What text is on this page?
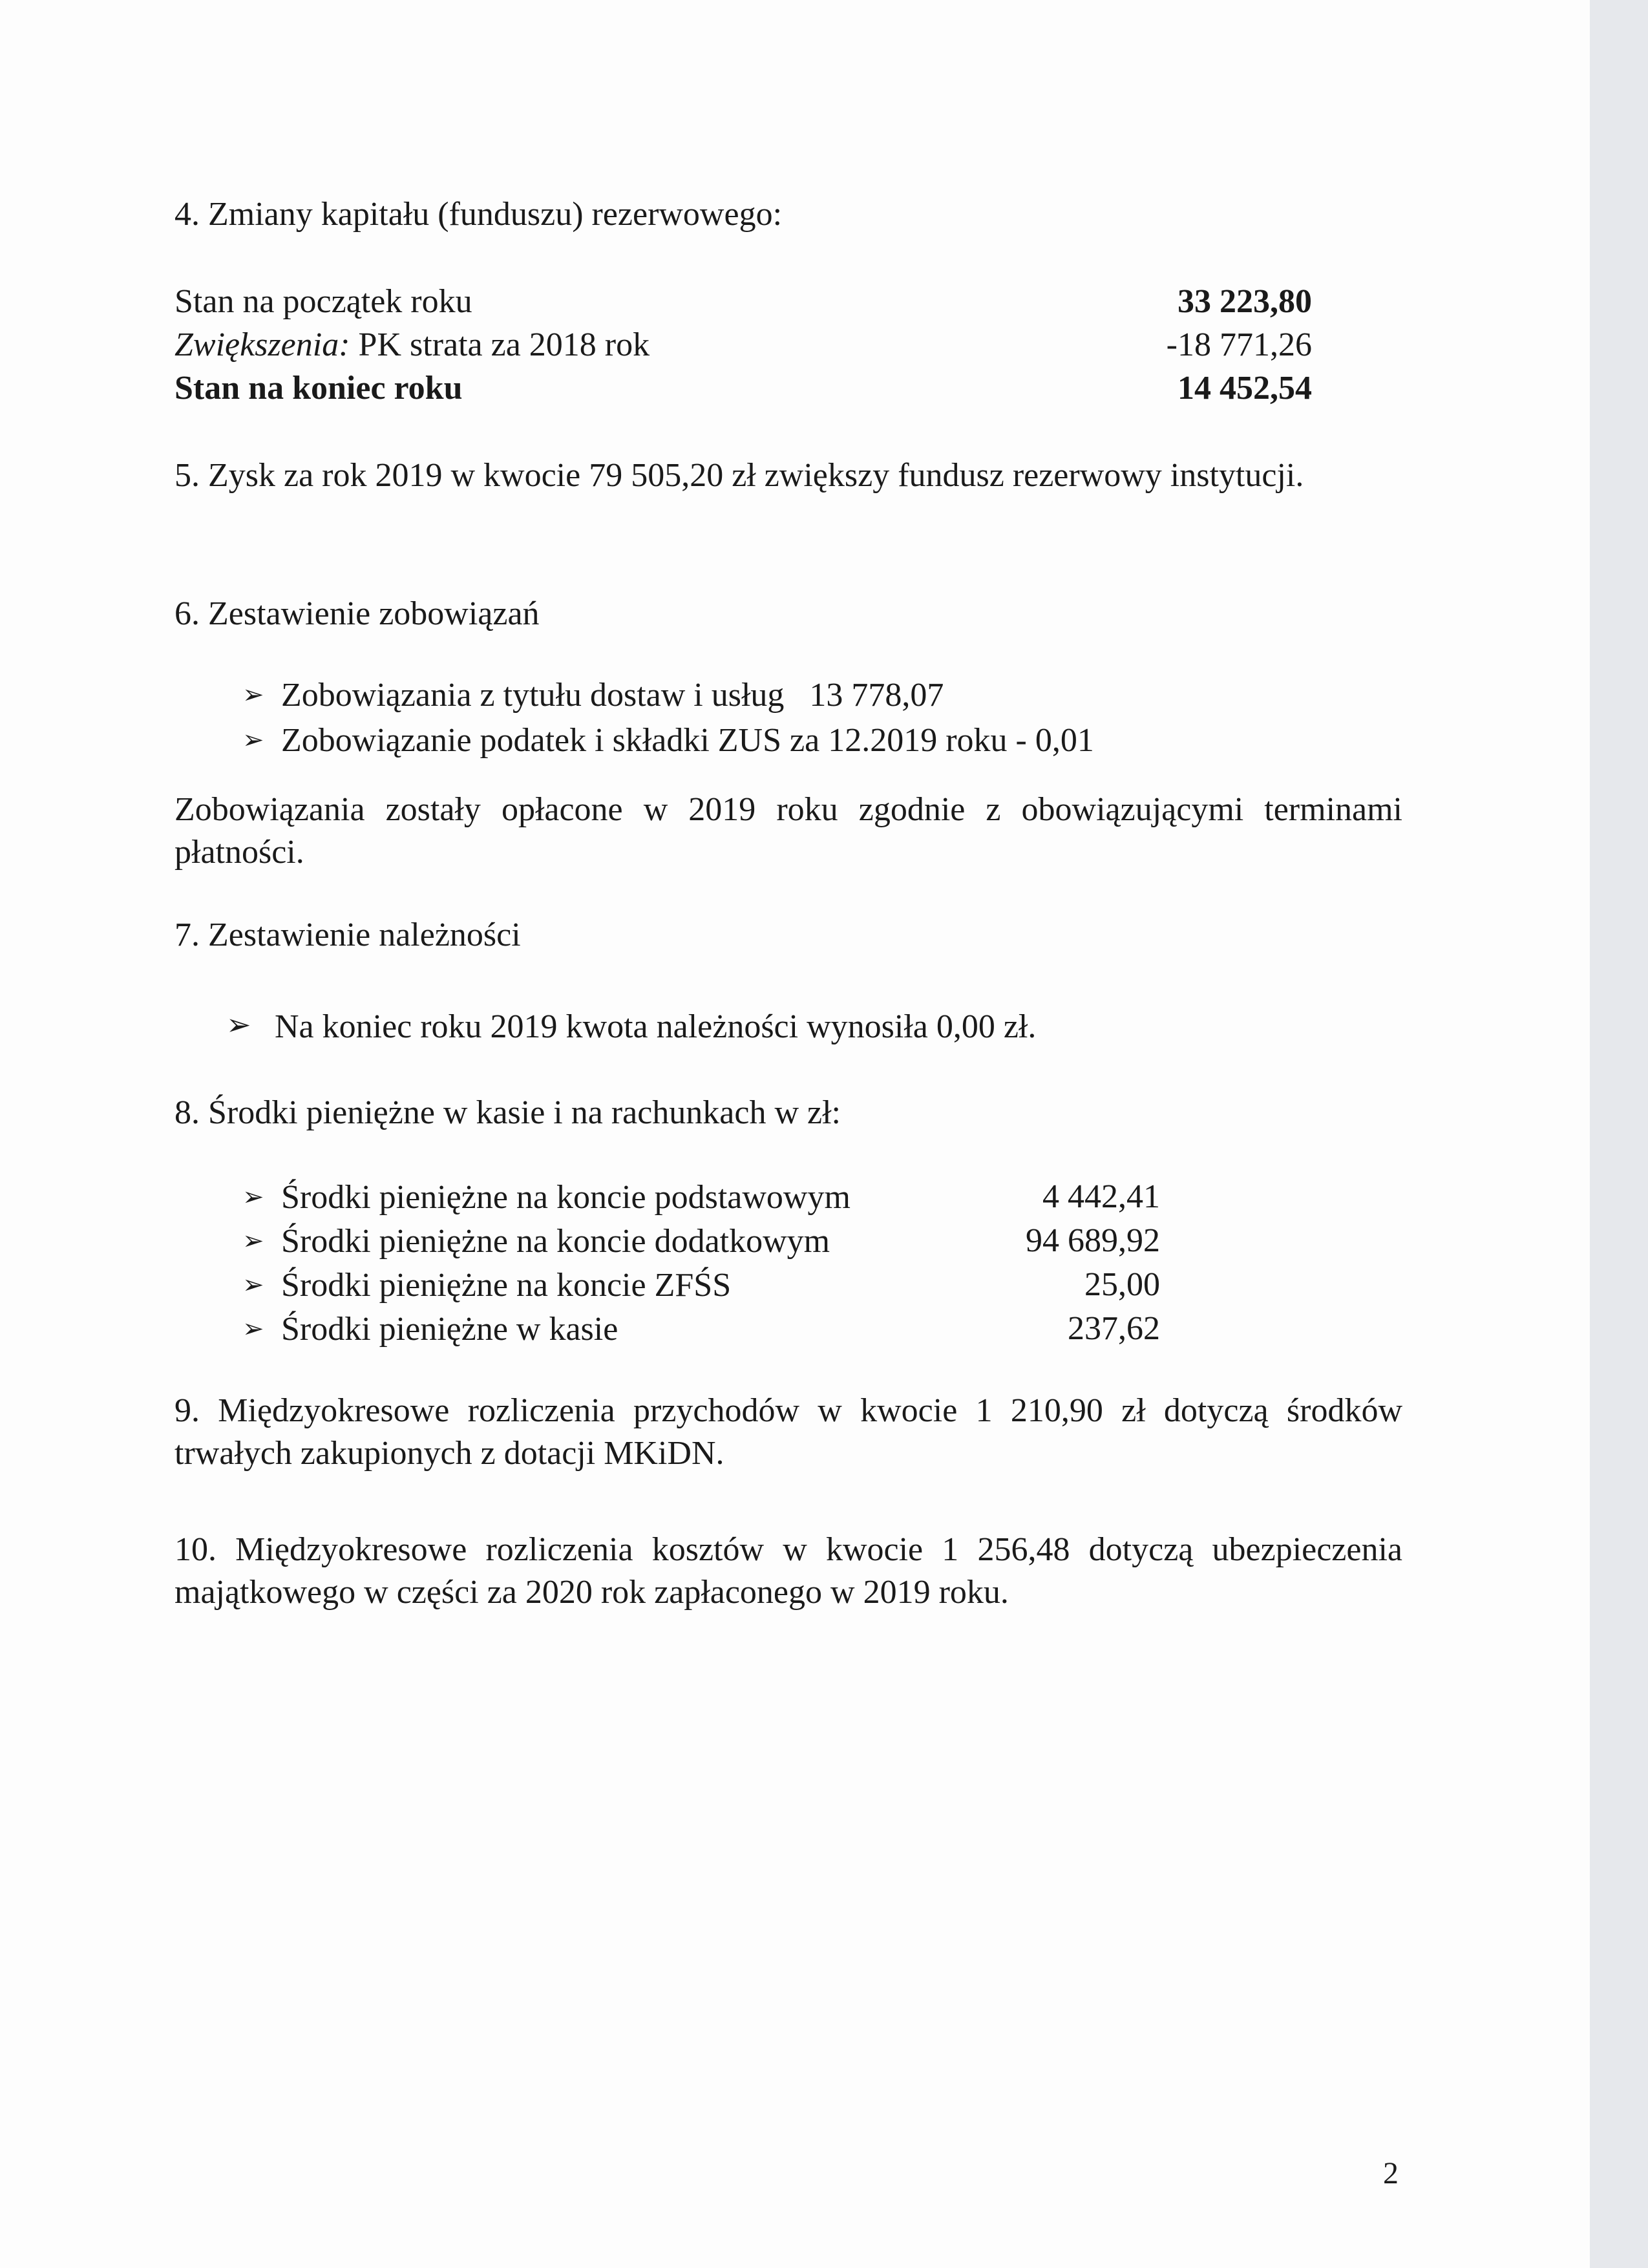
4. Zmiany kapitału (funduszu) rezerwowego:
Stan na początek roku	33 223,80
Zwiększenia: PK strata za 2018 rok	-18 771,26
Stan na koniec roku	14 452,54
5. Zysk za rok 2019 w kwocie 79 505,20 zł zwiększy fundusz rezerwowy instytucji.
6. Zestawienie zobowiązań
➢ Zobowiązania z tytułu dostaw i usług   13 778,07
➢ Zobowiązanie podatek i składki ZUS za 12.2019 roku - 0,01
Zobowiązania zostały opłacone w 2019 roku zgodnie z obowiązującymi terminami płatności.
7. Zestawienie należności
➢ Na koniec roku 2019 kwota należności wynosiła 0,00 zł.
8. Środki pieniężne w kasie i na rachunkach w zł:
➢ Środki pieniężne na koncie podstawowym	4 442,41
➢ Środki pieniężne na koncie dodatkowym	94 689,92
➢ Środki pieniężne na koncie ZFŚS	25,00
➢ Środki pieniężne w kasie	237,62
9. Międzyokresowe rozliczenia przychodów w kwocie 1 210,90 zł dotyczą środków trwałych zakupionych z dotacji MKiDN.
10. Międzyokresowe rozliczenia kosztów w kwocie 1 256,48 dotyczą ubezpieczenia majątkowego w części za 2020 rok zapłaconego w 2019 roku.
2
